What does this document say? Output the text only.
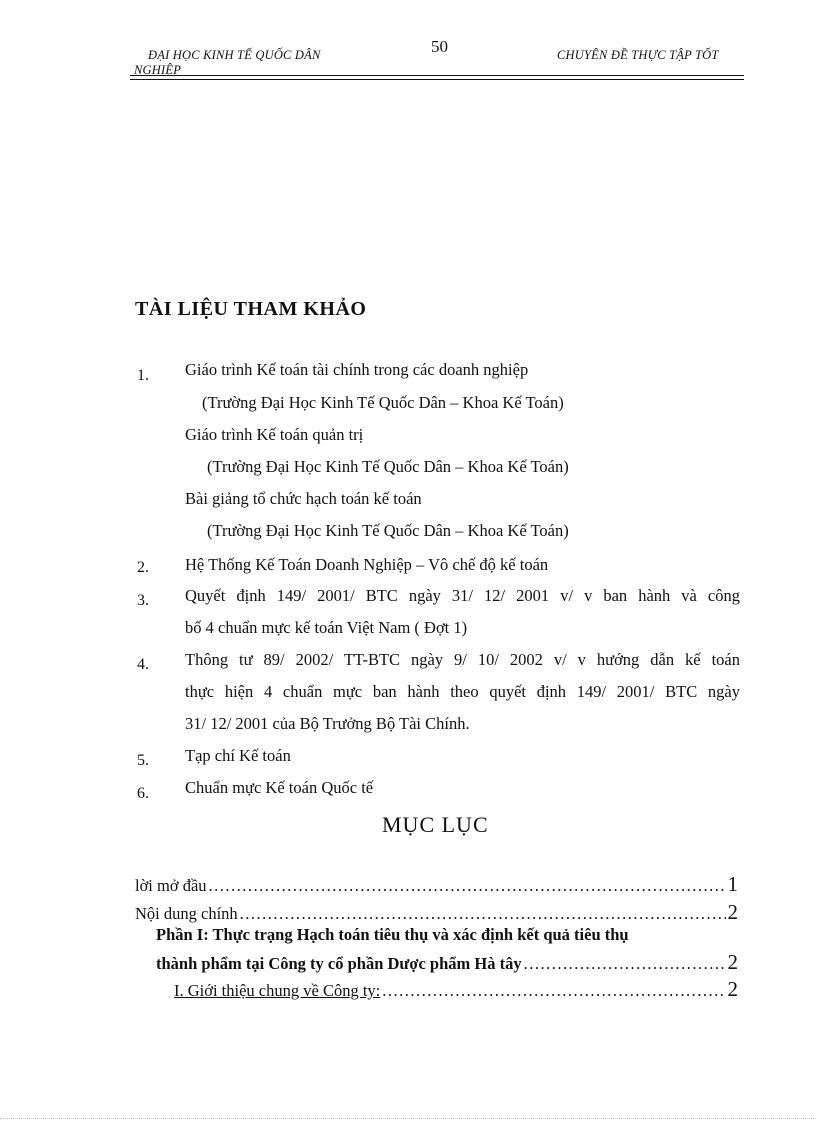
ĐẠI HỌC KINH TẾ QUỐC DÂN
NGHIỆP
50	CHUYÊN ĐỀ THỰC TẬP TỐT
TÀI LIỆU THAM KHẢO
1. Giáo trình Kế toán tài chính trong các doanh nghiệp
(Trường Đại Học Kinh Tế Quốc Dân – Khoa Kế Toán)
Giáo trình Kế toán quản trị
(Trường Đại Học Kinh Tế Quốc Dân – Khoa Kế Toán)
Bài giảng tổ chức hạch toán kế toán
(Trường Đại Học Kinh Tế Quốc Dân – Khoa Kế Toán)
2. Hệ Thống Kế Toán Doanh Nghiệp – Vô chế độ kế toán
3. Quyết định 149/ 2001/ BTC ngày 31/ 12/ 2001 v/ v ban hành và công
bố 4 chuẩn mực kế toán Việt Nam ( Đợt 1)
4. Thông tư 89/ 2002/ TT-BTC ngày 9/ 10/ 2002 v/ v hướng dẫn kế toán
thực hiện 4 chuẩn mực ban hành theo quyết định 149/ 2001/ BTC ngày
31/ 12/ 2001 của Bộ Trưởng Bộ Tài Chính.
5. Tạp chí Kế toán
6. Chuẩn mực Kế toán Quốc tế
MỤC LỤC
lời mở đầu .....	1
Nội dung chính .....	2
Phần I: Thực trạng Hạch toán tiêu thụ và xác định kết quả tiêu thụ
thành phẩm tại Công ty cổ phần Dược phẩm Hà tây .....	2
I. Giới thiệu chung về Công ty: .....	2
